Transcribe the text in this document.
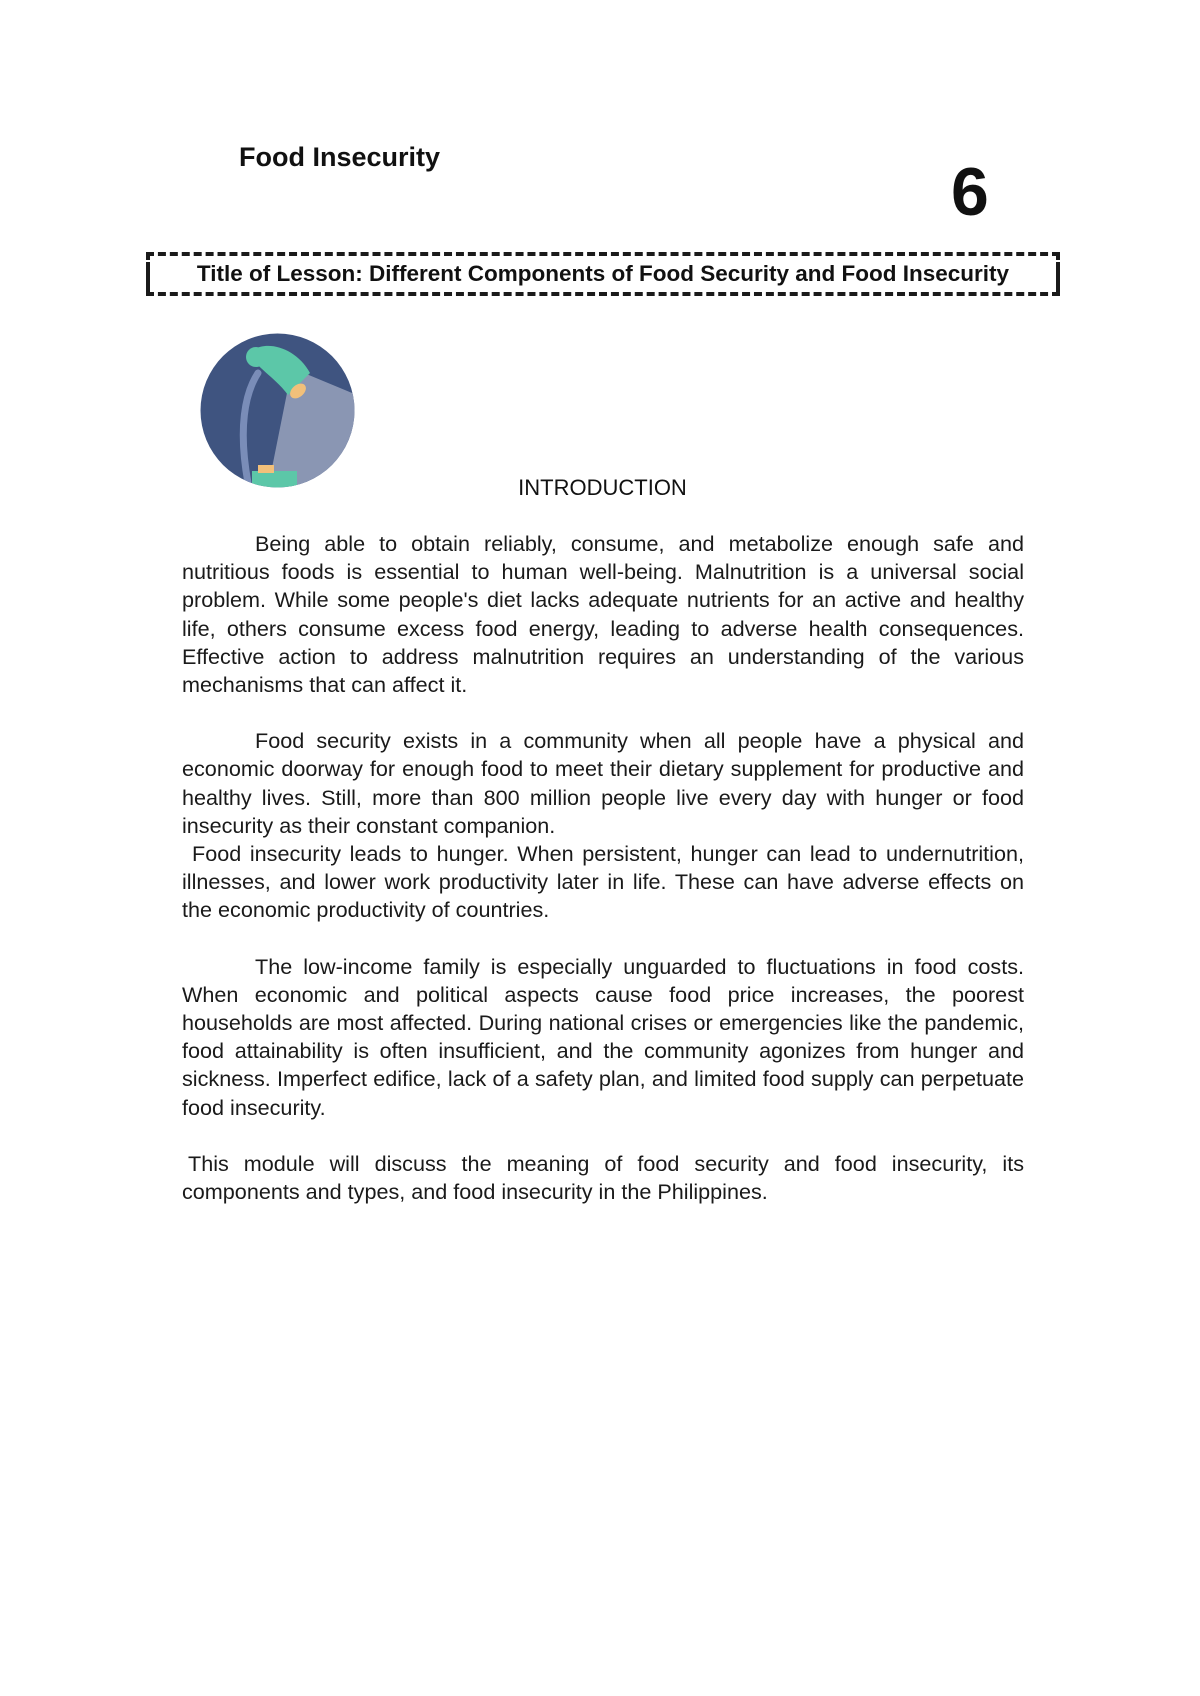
Food Insecurity	6
Title of Lesson: Different Components of Food Security and Food Insecurity
INTRODUCTION

Being able to obtain reliably, consume, and metabolize enough safe and nutritious foods is essential to human well-being. Malnutrition is a universal social problem. While some people's diet lacks adequate nutrients for an active and healthy life, others consume excess food energy, leading to adverse health consequences. Effective action to address malnutrition requires an understanding of the various mechanisms that can affect it.

Food security exists in a community when all people have a physical and economic doorway for enough food to meet their dietary supplement for productive and healthy lives. Still, more than 800 million people live every day with hunger or food insecurity as their constant companion.

Food insecurity leads to hunger. When persistent, hunger can lead to undernutrition, illnesses, and lower work productivity later in life. These can have adverse effects on the economic productivity of countries.

The low-income family is especially unguarded to fluctuations in food costs. When economic and political aspects cause food price increases, the poorest households are most affected. During national crises or emergencies like the pandemic, food attainability is often insufficient, and the community agonizes from hunger and sickness. Imperfect edifice, lack of a safety plan, and limited food supply can perpetuate food insecurity.

This module will discuss the meaning of food security and food insecurity, its components and types, and food insecurity in the Philippines.
